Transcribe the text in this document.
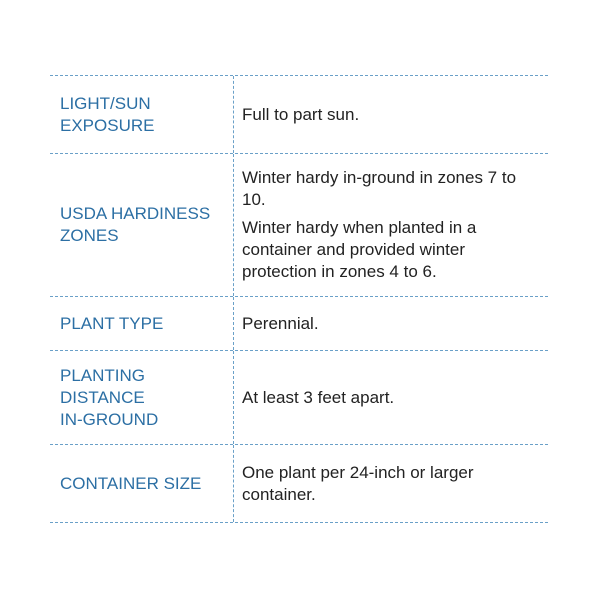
LIGHT/SUN
EXPOSURE

Full to part sun.

USDA HARDINESS
ZONES

Winter hardy in-ground in zones 7 to 10.

Winter hardy when planted in a container and provided winter protection in zones 4 to 6.

PLANT TYPE	Perennial.

PLANTING
DISTANCE
IN-GROUND

At least 3 feet apart.

CONTAINER SIZE

One plant per 24-inch or larger container.
